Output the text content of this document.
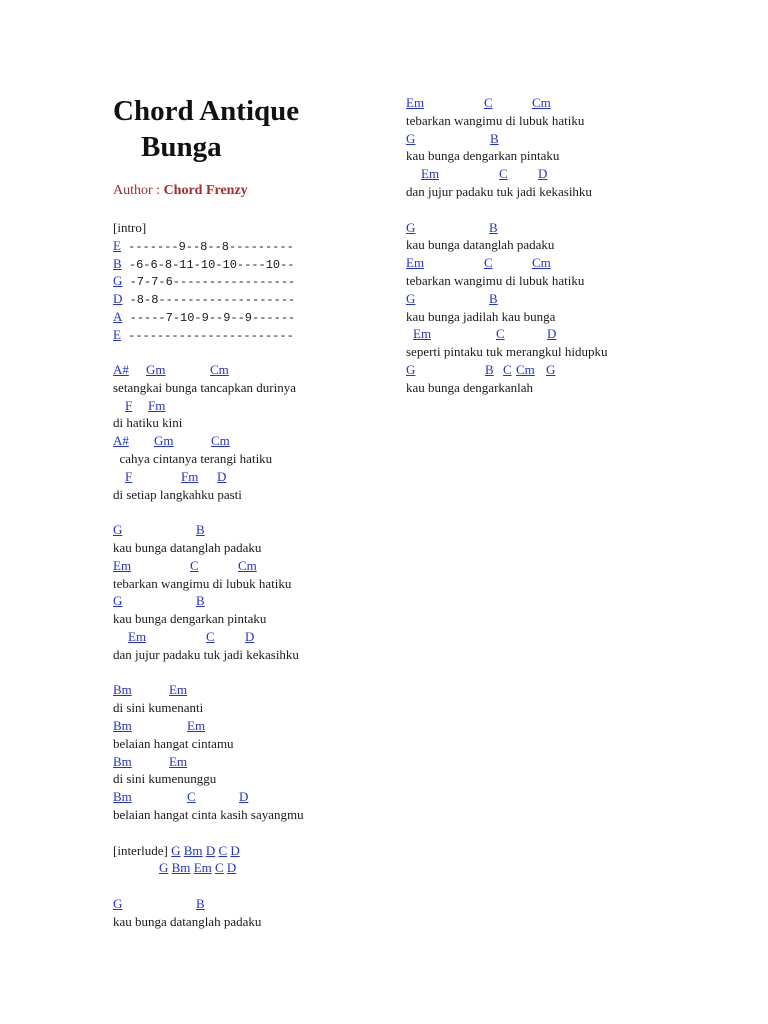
Chord Antique
Bunga
Author : Chord Frenzy
[intro]
E -------9--8--8---------
B -6-6-8-11-10-10----10--
G -7-7-6-----------------
D -8-8-------------------
A -----7-10-9--9--9------
E -----------------------
A# Gm	Cm
setangkai bunga tancapkan durinya
F Fm
di hatiku kini
A# Gm	Cm
cahya cintanya terangi hatiku
F	Fm D
di setiap langkahku pasti
G	B
kau bunga datanglah padaku
Em	C	Cm
tebarkan wangimu di lubuk hatiku
G	B
kau bunga dengarkan pintaku
Em	C D
dan jujur padaku tuk jadi kekasihku
Bm	Em
di sini kumenanti
Bm	Em
belaian hangat cintamu
Bm	Em
di sini kumenunggu
Bm	C	D
belaian hangat cinta kasih sayangmu
[interlude] G Bm D C D
G Bm Em C D
G	B
kau bunga datanglah padaku
Em	C	Cm
tebarkan wangimu di lubuk hatiku
G	B
kau bunga dengarkan pintaku
Em	C D
dan jujur padaku tuk jadi kekasihku
G	B
kau bunga datanglah padaku
Em	C	Cm
tebarkan wangimu di lubuk hatiku
G	B
kau bunga jadilah kau bunga
Em	C	D
seperti pintaku tuk merangkul hidupku
G	B C Cm G
kau bunga dengarkanlah
